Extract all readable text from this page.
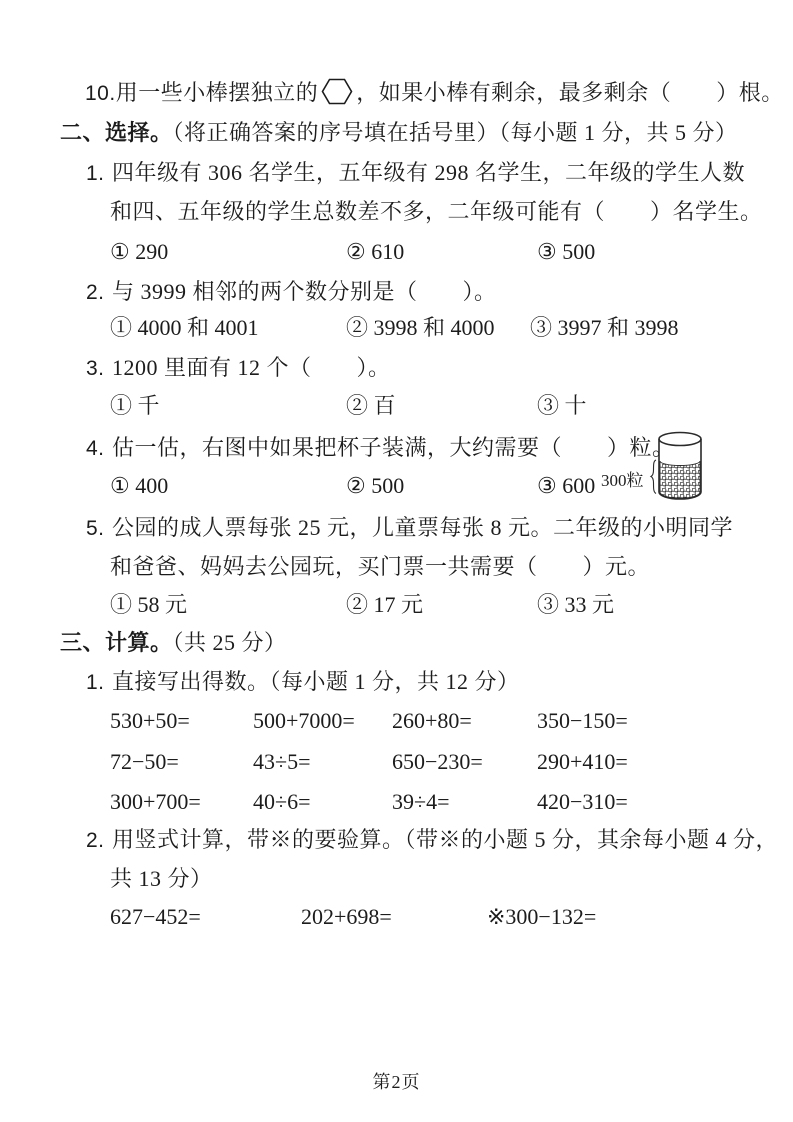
10.用一些小棒摆独立的 ，如果小棒有剩余，最多剩余（　　）根。
二、选择。（将正确答案的序号填在括号里）（每小题 1 分，共 5 分）
1. 四年级有 306 名学生，五年级有 298 名学生，二年级的学生人数
和四、五年级的学生总数差不多，二年级可能有（　　）名学生。
① 290	② 610	③ 500
2. 与 3999 相邻的两个数分别是（　　）。
① 4000 和 4001	② 3998 和 4000 ③ 3997 和 3998
3. 1200 里面有 12 个（　　）。
① 千	② 百	③ 十
4. 估一估，右图中如果把杯子装满，大约需要（　　）粒。
① 400	② 500	③ 600 300粒
5. 公园的成人票每张 25 元，儿童票每张 8 元。二年级的小明同学
和爸爸、妈妈去公园玩，买门票一共需要（　　）元。
① 58 元	② 17 元	③ 33 元
三、计算。（共 25 分）
1. 直接写出得数。（每小题 1 分，共 12 分）
530+50=	500+7000= 260+80=	350−150=
72−50=	43÷5=	650−230= 290+410=
300+700= 40÷6=	39÷4=	420−310=
2. 用竖式计算，带※的要验算。（带※的小题 5 分，其余每小题 4 分，
共 13 分）
627−452=	202+698=	※300−132=
第2页
